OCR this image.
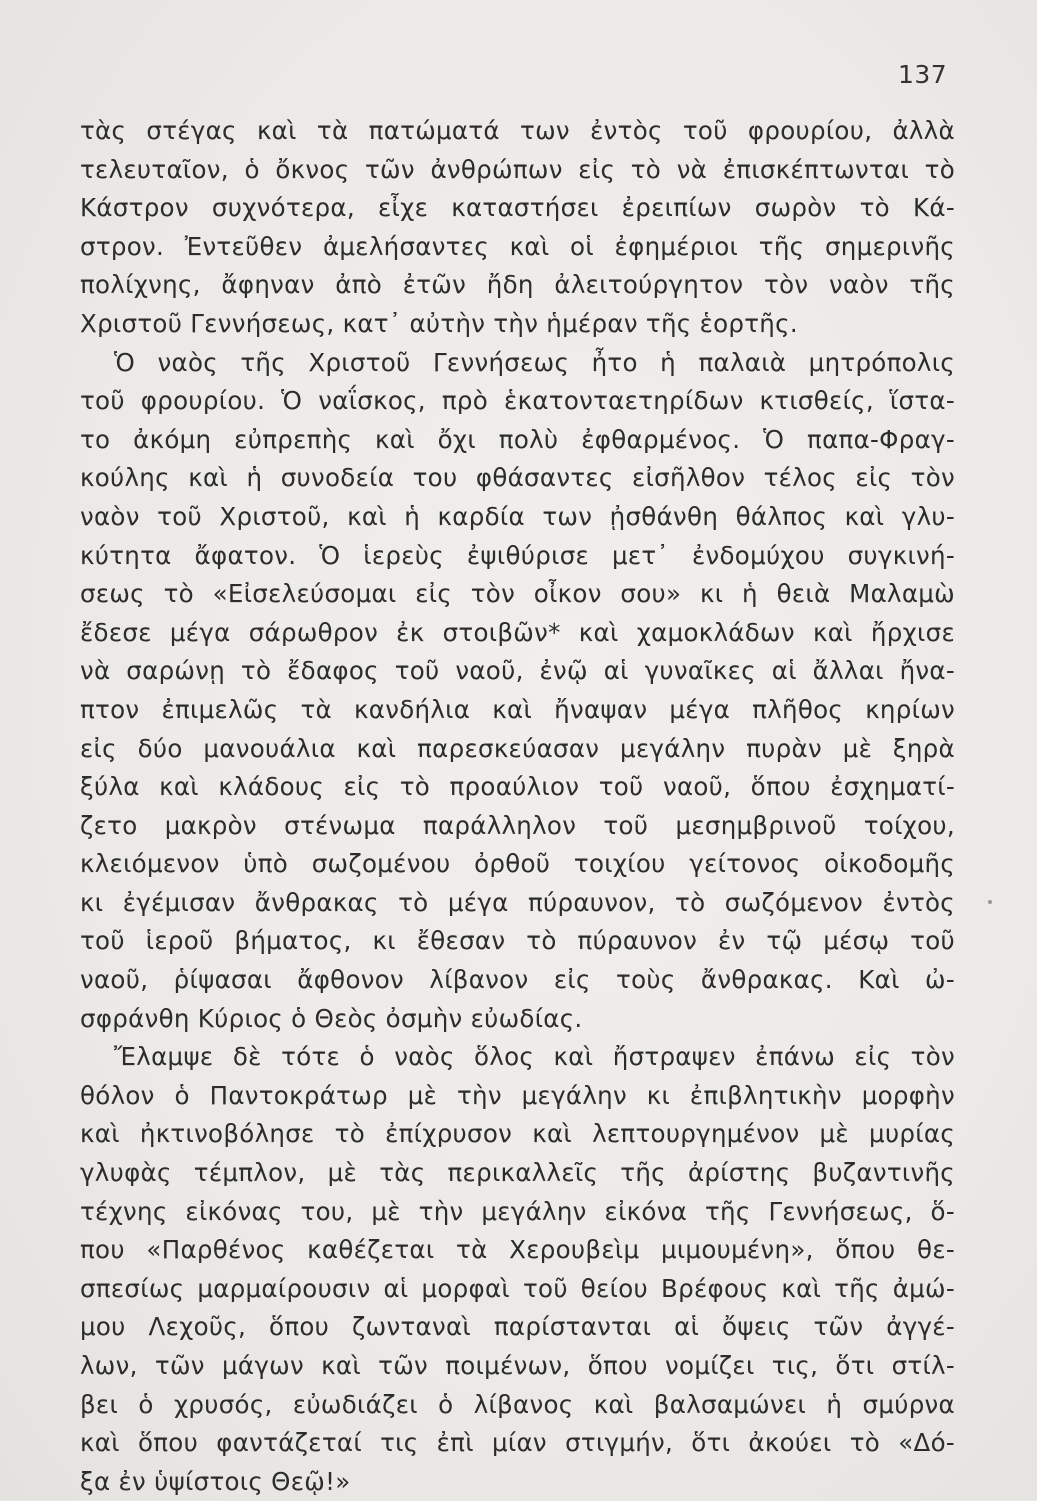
137
τὰς στέγας καὶ τὰ πατώματά των ἐντὸς τοῦ φρουρίου, ἀλλὰ
τελευταῖον, ὁ ὄκνος τῶν ἀνθρώπων εἰς τὸ νὰ ἐπισκέπτωνται τὸ
Κάστρον συχνότερα, εἶχε καταστήσει ἐρειπίων σωρὸν τὸ Κά-
στρον. Ἐντεῦθεν ἀμελήσαντες καὶ οἱ ἐφημέριοι τῆς σημερινῆς
πολίχνης, ἄφηναν ἀπὸ ἐτῶν ἤδη ἀλειτούργητον τὸν ναὸν τῆς
Χριστοῦ Γεννήσεως, κατ᾿ αὐτὴν τὴν ἡμέραν τῆς ἑορτῆς.
Ὁ ναὸς τῆς Χριστοῦ Γεννήσεως ἦτο ἡ παλαιὰ μητρόπολις
τοῦ φρουρίου. Ὁ ναΐσκος, πρὸ ἑκατονταετηρίδων κτισθείς, ἵστα-
το ἀκόμη εὐπρεπὴς καὶ ὄχι πολὺ ἐφθαρμένος. Ὁ παπα-Φραγ-
κούλης καὶ ἡ συνοδεία του φθάσαντες εἰσῆλθον τέλος εἰς τὸν
ναὸν τοῦ Χριστοῦ, καὶ ἡ καρδία των ᾐσθάνθη θάλπος καὶ γλυ-
κύτητα ἄφατον. Ὁ ἱερεὺς ἐψιθύρισε μετ᾿ ἐνδομύχου συγκινή-
σεως τὸ «Εἰσελεύσομαι εἰς τὸν οἶκον σου» κι ἡ θειὰ Μαλαμὼ
ἔδεσε μέγα σάρωθρον ἐκ στοιβῶν* καὶ χαμοκλάδων καὶ ἤρχισε
νὰ σαρώνῃ τὸ ἔδαφος τοῦ ναοῦ, ἐνῷ αἱ γυναῖκες αἱ ἄλλαι ἤνα-
πτον ἐπιμελῶς τὰ κανδήλια καὶ ἤναψαν μέγα πλῆθος κηρίων
εἰς δύο μανουάλια καὶ παρεσκεύασαν μεγάλην πυρὰν μὲ ξηρὰ
ξύλα καὶ κλάδους εἰς τὸ προαύλιον τοῦ ναοῦ, ὅπου ἐσχηματί-
ζετο μακρὸν στένωμα παράλληλον τοῦ μεσημβρινοῦ τοίχου,
κλειόμενον ὑπὸ σωζομένου ὀρθοῦ τοιχίου γείτονος οἰκοδομῆς
κι ἐγέμισαν ἄνθρακας τὸ μέγα πύραυνον, τὸ σωζόμενον ἐντὸς
τοῦ ἱεροῦ βήματος, κι ἔθεσαν τὸ πύραυνον ἐν τῷ μέσῳ τοῦ
ναοῦ, ῥίψασαι ἄφθονον λίβανον εἰς τοὺς ἄνθρακας. Καὶ ὠ-
σφράνθη Κύριος ὁ Θεὸς ὀσμὴν εὐωδίας.
Ἔλαμψε δὲ τότε ὁ ναὸς ὅλος καὶ ἤστραψεν ἐπάνω εἰς τὸν
θόλον ὁ Παντοκράτωρ μὲ τὴν μεγάλην κι ἐπιβλητικὴν μορφὴν
καὶ ἠκτινοβόλησε τὸ ἐπίχρυσον καὶ λεπτουργημένον μὲ μυρίας
γλυφὰς τέμπλον, μὲ τὰς περικαλλεῖς τῆς ἀρίστης βυζαντινῆς
τέχνης εἰκόνας του, μὲ τὴν μεγάλην εἰκόνα τῆς Γεννήσεως, ὅ-
που «Παρθένος καθέζεται τὰ Χερουβεὶμ μιμουμένη», ὅπου θε-
σπεσίως μαρμαίρουσιν αἱ μορφαὶ τοῦ θείου Βρέφους καὶ τῆς ἀμώ-
μου Λεχοῦς, ὅπου ζωνταναὶ παρίστανται αἱ ὄψεις τῶν ἀγγέ-
λων, τῶν μάγων καὶ τῶν ποιμένων, ὅπου νομίζει τις, ὅτι στίλ-
βει ὁ χρυσός, εὐωδιάζει ὁ λίβανος καὶ βαλσαμώνει ἡ σμύρνα
καὶ ὅπου φαντάζεταί τις ἐπὶ μίαν στιγμήν, ὅτι ἀκούει τὸ «Δό-
ξα ἐν ὑψίστοις Θεῷ!»
